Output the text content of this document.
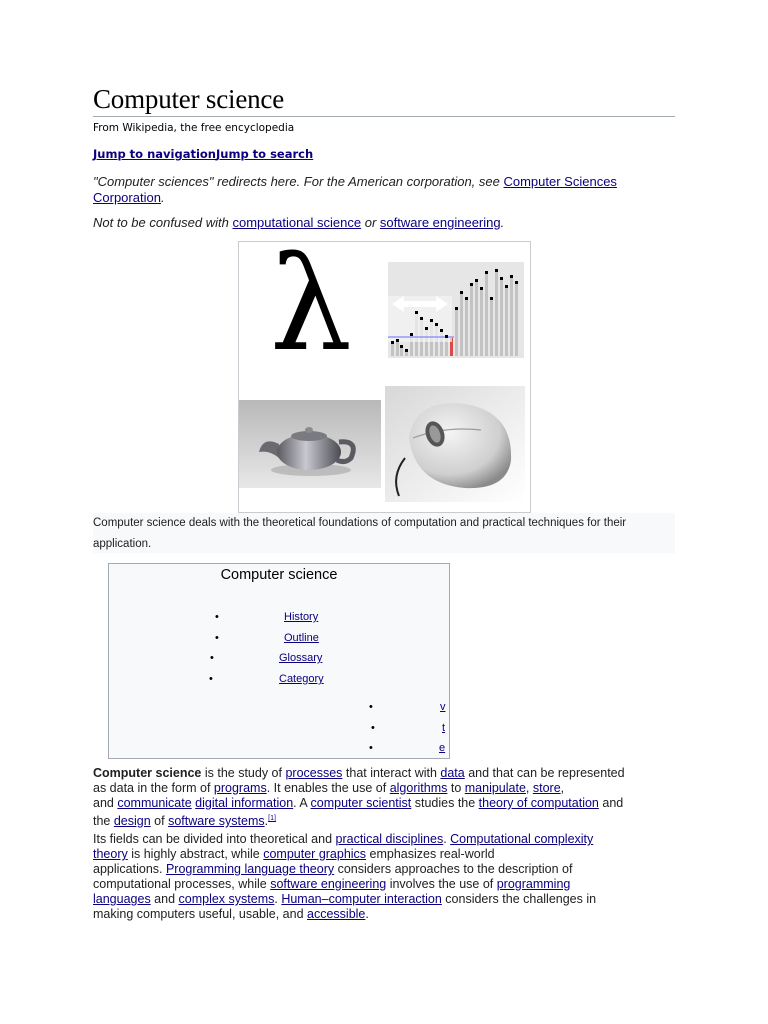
Computer science
From Wikipedia, the free encyclopedia
Jump to navigationJump to search
"Computer sciences" redirects here. For the American corporation, see Computer Sciences
Corporation.
Not to be confused with computational science or software engineering.
λ
Computer science deals with the theoretical foundations of computation and practical techniques for their
application.
Computer science
•	History
•	Outline
•	Glossary
•	Category
•	v
•	t
•	e
Computer science is the study of processes that interact with data and that can be represented
as data in the form of programs. It enables the use of algorithms to manipulate, store,
and communicate digital information. A computer scientist studies the theory of computation and
the design of software systems.[1]
Its fields can be divided into theoretical and practical disciplines. Computational complexity
theory is highly abstract, while computer graphics emphasizes real-world
applications. Programming language theory considers approaches to the description of
computational processes, while software engineering involves the use of programming
languages and complex systems. Human–computer interaction considers the challenges in
making computers useful, usable, and accessible.
